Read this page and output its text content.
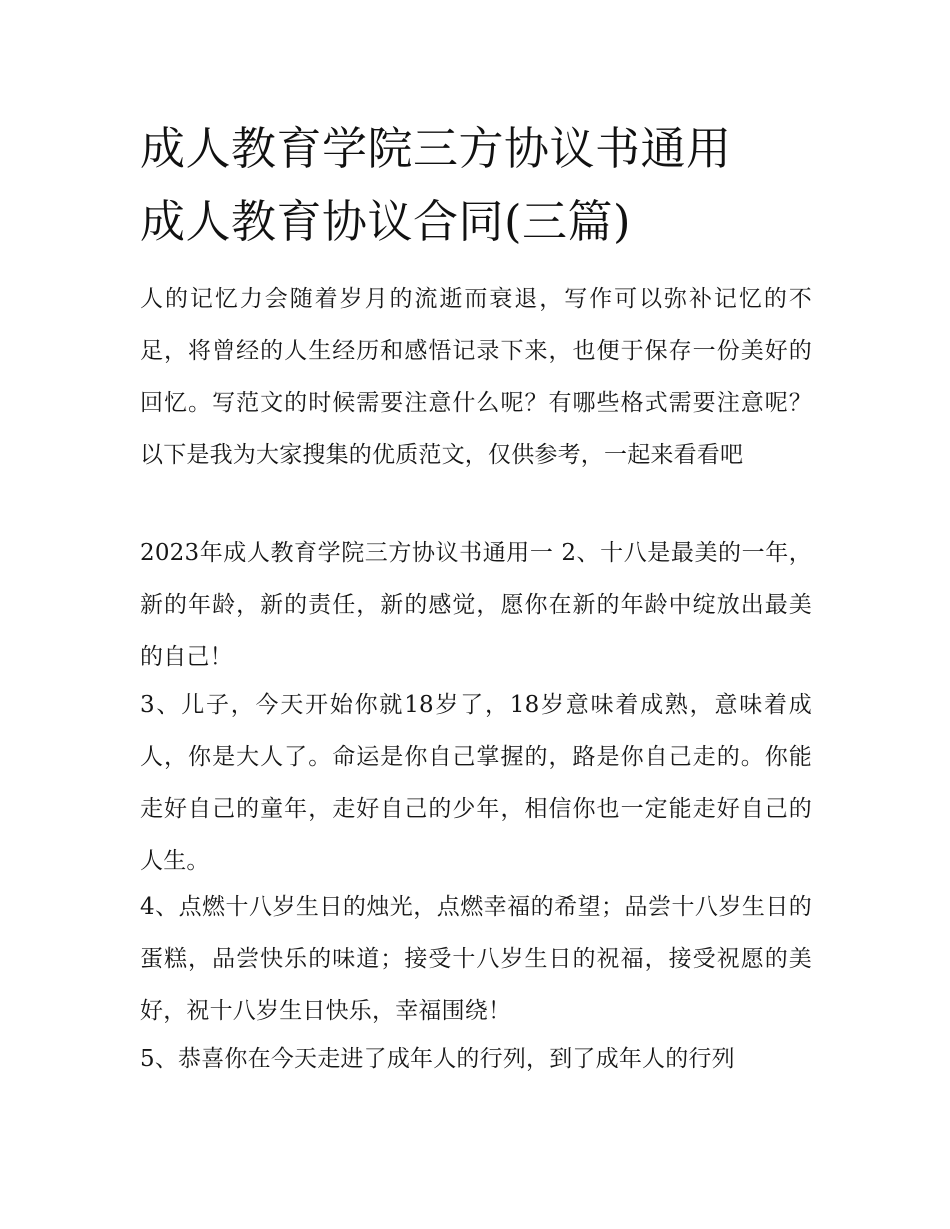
成人教育学院三方协议书通用
成人教育协议合同(三篇)

人的记忆力会随着岁月的流逝而衰退，写作可以弥补记忆的不足，将曾经的人生经历和感悟记录下来，也便于保存一份美好的回忆。写范文的时候需要注意什么呢？有哪些格式需要注意呢？以下是我为大家搜集的优质范文，仅供参考，一起来看看吧

2023年成人教育学院三方协议书通用一 2、十八是最美的一年，新的年龄，新的责任，新的感觉，愿你在新的年龄中绽放出最美的自己！

3、儿子，今天开始你就18岁了，18岁意味着成熟，意味着成人，你是大人了。命运是你自己掌握的，路是你自己走的。你能走好自己的童年，走好自己的少年，相信你也一定能走好自己的人生。

4、点燃十八岁生日的烛光，点燃幸福的希望；品尝十八岁生日的蛋糕，品尝快乐的味道；接受十八岁生日的祝福，接受祝愿的美好，祝十八岁生日快乐，幸福围绕！

5、恭喜你在今天走进了成年人的行列，到了成年人的行列
